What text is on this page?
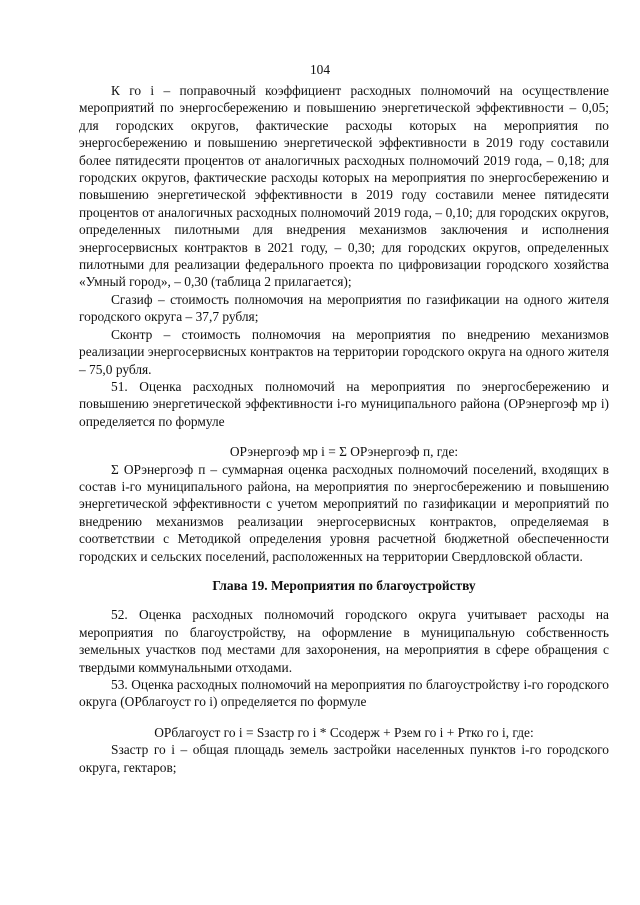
104

К го i – поправочный коэффициент расходных полномочий на осуществление мероприятий по энергосбережению и повышению энергетической эффективности – 0,05; для городских округов, фактические расходы которых на мероприятия по энергосбережению и повышению энергетической эффективности в 2019 году составили более пятидесяти процентов от аналогичных расходных полномочий 2019 года, – 0,18; для городских округов, фактические расходы которых на мероприятия по энергосбережению и повышению энергетической эффективности в 2019 году составили менее пятидесяти процентов от аналогичных расходных полномочий 2019 года, – 0,10; для городских округов, определенных пилотными для внедрения механизмов заключения и исполнения энергосервисных контрактов в 2021 году, – 0,30; для городских округов, определенных пилотными для реализации федерального проекта по цифровизации городского хозяйства «Умный город», – 0,30 (таблица 2 прилагается);

Cгазиф – стоимость полномочия на мероприятия по газификации на одного жителя городского округа – 37,7 рубля;

Cконтр – стоимость полномочия на мероприятия по внедрению механизмов реализации энергосервисных контрактов на территории городского округа на одного жителя – 75,0 рубля.

51. Оценка расходных полномочий на мероприятия по энергосбережению и повышению энергетической эффективности i-го муниципального района (ОРэнергоэф мр i) определяется по формуле

ОРэнергоэф мр i = Σ ОРэнергоэф п, где:

Σ ОРэнергоэф п – суммарная оценка расходных полномочий поселений, входящих в состав i-го муниципального района, на мероприятия по энергосбережению и повышению энергетической эффективности с учетом мероприятий по газификации и мероприятий по внедрению механизмов реализации энергосервисных контрактов, определяемая в соответствии с Методикой определения уровня расчетной бюджетной обеспеченности городских и сельских поселений, расположенных на территории Свердловской области.

Глава 19. Мероприятия по благоустройству

52. Оценка расходных полномочий городского округа учитывает расходы на мероприятия по благоустройству, на оформление в муниципальную собственность земельных участков под местами для захоронения, на мероприятия в сфере обращения с твердыми коммунальными отходами.

53. Оценка расходных полномочий на мероприятия по благоустройству i-го городского округа (ОРблагоуст го i) определяется по формуле

ОРблагоуст го i = Sзастр го i * Cсодерж + Рзем го i + Ртко го i, где:

Sзастр го i – общая площадь земель застройки населенных пунктов i-го городского округа, гектаров;
